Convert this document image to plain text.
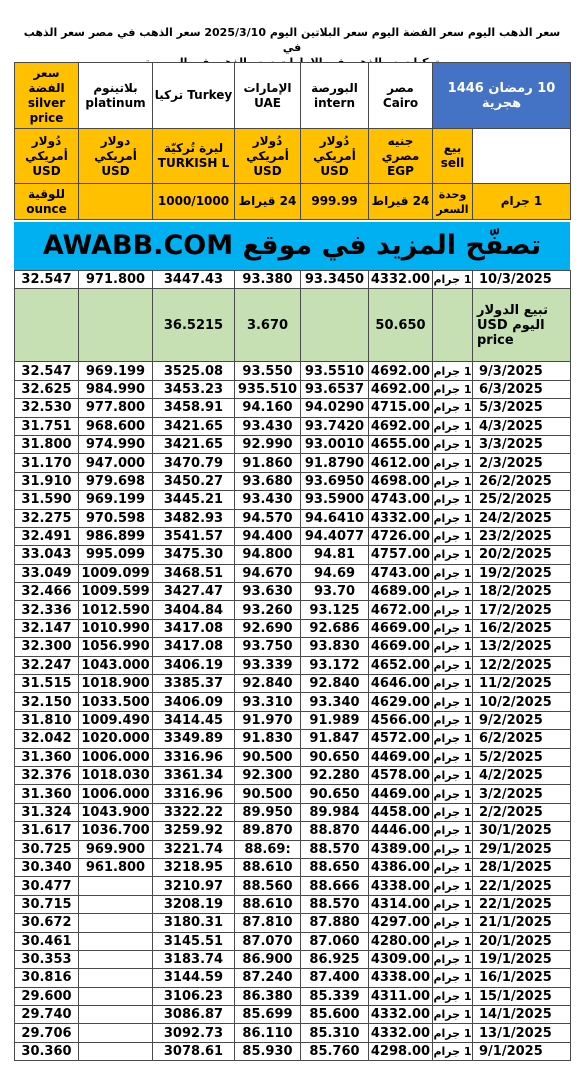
سعر الذهب اليوم سعر الفضة اليوم سعر البلاتين اليوم 2025/3/10 سعر الذهب في مصر سعر الذهب في
سعر الفضة silver price	بلاتينوم platinum	تركيا Turkey	الإمارات UAE	البورصة intern	مصر Cairo	10 رمضان 1446 هجرية	
دُولار أمريكي USD	دولار أمريكي USD	ليرة تُركيّة TURKISH L	دُولار أمريكي USD	دُولار أمريكي USD	جنيه مصري EGP	بيع sell	
للوقية ounce		1000/1000	24 قيراط	999.99	24 قيراط	وحدة السعر	1 جرام
تصفّح المزيد في موقع AWABB.COM
32.547	971.800	3447.43	93.380	93.3450	4332.00	1 جرام	10/3/2025
		36.5215	3.670		50.650		تبيع الدولار اليوم USD price
32.547	969.199	3525.08	93.550	93.5510	4692.00	1 جرام	9/3/2025
32.625	984.990	3453.23	935.510	93.6537	4692.00	1 جرام	6/3/2025
32.530	977.800	3458.91	94.160	94.0290	4715.00	1 جرام	5/3/2025
31.751	968.600	3421.65	93.430	93.7420	4692.00	1 جرام	4/3/2025
31.800	974.990	3421.65	92.990	93.0010	4655.00	1 جرام	3/3/2025
31.170	947.000	3470.79	91.860	91.8790	4612.00	1 جرام	2/3/2025
31.910	979.698	3450.27	93.680	93.6950	4698.00	1 جرام	26/2/2025
31.590	969.199	3445.21	93.430	93.5900	4743.00	1 جرام	25/2/2025
32.275	970.598	3482.93	94.570	94.6410	4332.00	1 جرام	24/2/2025
32.491	986.899	3541.57	94.400	94.4077	4726.00	1 جرام	23/2/2025
33.043	995.099	3475.30	94.800	94.81	4757.00	1 جرام	20/2/2025
33.049	1009.099	3468.51	94.670	94.69	4743.00	1 جرام	19/2/2025
32.466	1009.599	3427.47	93.630	93.70	4689.00	1 جرام	18/2/2025
32.336	1012.590	3404.84	93.260	93.125	4672.00	1 جرام	17/2/2025
32.147	1010.990	3417.08	92.690	92.686	4669.00	1 جرام	16/2/2025
32.300	1056.990	3417.08	93.750	93.830	4669.00	1 جرام	13/2/2025
32.247	1043.000	3406.19	93.339	93.172	4652.00	1 جرام	12/2/2025
31.515	1018.900	3385.37	92.840	92.840	4646.00	1 جرام	11/2/2025
32.150	1033.500	3406.09	93.310	93.340	4629.00	1 جرام	10/2/2025
31.810	1009.490	3414.45	91.970	91.989	4566.00	1 جرام	9/2/2025
32.042	1020.000	3349.89	91.830	91.847	4572.00	1 جرام	6/2/2025
31.360	1006.000	3316.96	90.500	90.650	4469.00	1 جرام	5/2/2025
32.376	1018.030	3361.34	92.300	92.280	4578.00	1 جرام	4/2/2025
31.360	1006.000	3316.96	90.500	90.650	4469.00	1 جرام	3/2/2025
31.324	1043.900	3322.22	89.950	89.984	4458.00	1 جرام	2/2/2025
31.617	1036.700	3259.92	89.870	88.870	4446.00	1 جرام	30/1/2025
30.725	969.900	3221.74	88.69:	88.570	4389.00	1 جرام	29/1/2025
30.340	961.800	3218.95	88.610	88.650	4386.00	1 جرام	28/1/2025
30.477		3210.97	88.560	88.666	4338.00	1 جرام	22/1/2025
30.715		3208.19	88.610	88.570	4314.00	1 جرام	22/1/2025
30.672		3180.31	87.810	87.880	4297.00	1 جرام	21/1/2025
30.461		3145.51	87.070	87.060	4280.00	1 جرام	20/1/2025
30.353		3183.74	86.900	86.925	4309.00	1 جرام	19/1/2025
30.816		3144.59	87.240	87.400	4338.00	1 جرام	16/1/2025
29.600		3106.23	86.380	85.339	4311.00	1 جرام	15/1/2025
29.740		3086.87	85.699	85.600	4332.00	1 جرام	14/1/2025
29.706		3092.73	86.110	85.310	4332.00	1 جرام	13/1/2025
30.360		3078.61	85.930	85.760	4298.00	1 جرام	9/1/2025
